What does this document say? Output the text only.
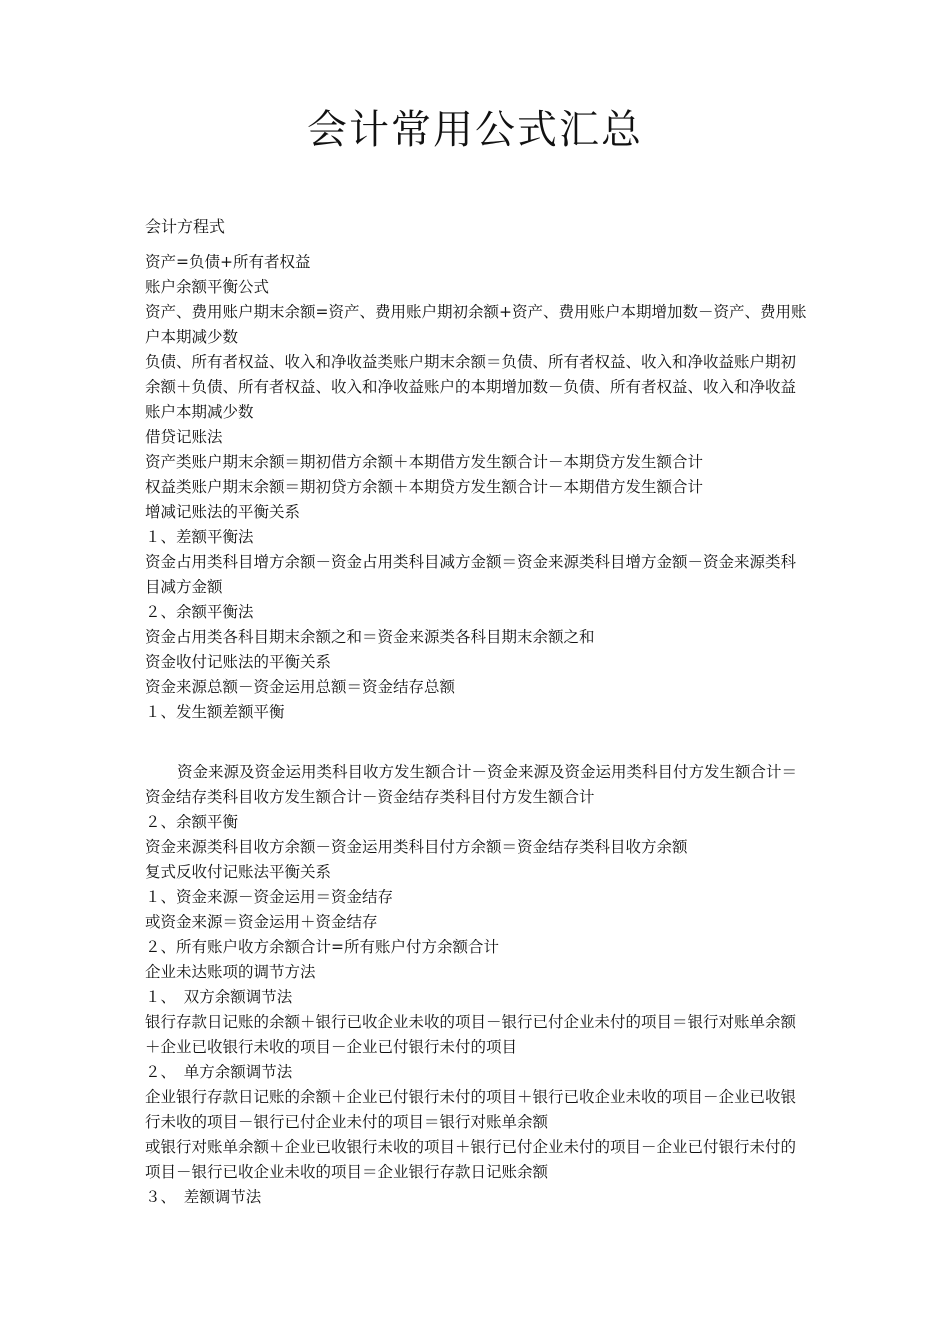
会计常用公式汇总
会计方程式

资产=负债+所有者权益

账户余额平衡公式

资产、费用账户期末余额=资产、费用账户期初余额+资产、费用账户本期增加数－资产、费用账户本期减少数

负债、所有者权益、收入和净收益类账户期末余额＝负债、所有者权益、收入和净收益账户期初余额＋负债、所有者权益、收入和净收益账户的本期增加数－负债、所有者权益、收入和净收益账户本期减少数

借贷记账法

资产类账户期末余额＝期初借方余额＋本期借方发生额合计－本期贷方发生额合计

权益类账户期末余额＝期初贷方余额＋本期贷方发生额合计－本期借方发生额合计

增减记账法的平衡关系

１、差额平衡法

资金占用类科目增方余额－资金占用类科目减方金额＝资金来源类科目增方金额－资金来源类科目减方金额

２、余额平衡法

资金占用类各科目期末余额之和＝资金来源类各科目期末余额之和

资金收付记账法的平衡关系

资金来源总额－资金运用总额＝资金结存总额

１、发生额差额平衡

资金来源及资金运用类科目收方发生额合计－资金来源及资金运用类科目付方发生额合计＝资金结存类科目收方发生额合计－资金结存类科目付方发生额合计

２、余额平衡

资金来源类科目收方余额－资金运用类科目付方余额＝资金结存类科目收方余额

复式反收付记账法平衡关系

１、资金来源－资金运用＝资金结存

或资金来源＝资金运用＋资金结存

２、所有账户收方余额合计=所有账户付方余额合计

企业未达账项的调节方法

１、　双方余额调节法

银行存款日记账的余额＋银行已收企业未收的项目－银行已付企业未付的项目＝银行对账单余额＋企业已收银行未收的项目－企业已付银行未付的项目

２、　单方余额调节法

企业银行存款日记账的余额＋企业已付银行未付的项目＋银行已收企业未收的项目－企业已收银行未收的项目－银行已付企业未付的项目＝银行对账单余额

或银行对账单余额＋企业已收银行未收的项目＋银行已付企业未付的项目－企业已付银行未付的项目－银行已收企业未收的项目＝企业银行存款日记账余额

３、　差额调节法
